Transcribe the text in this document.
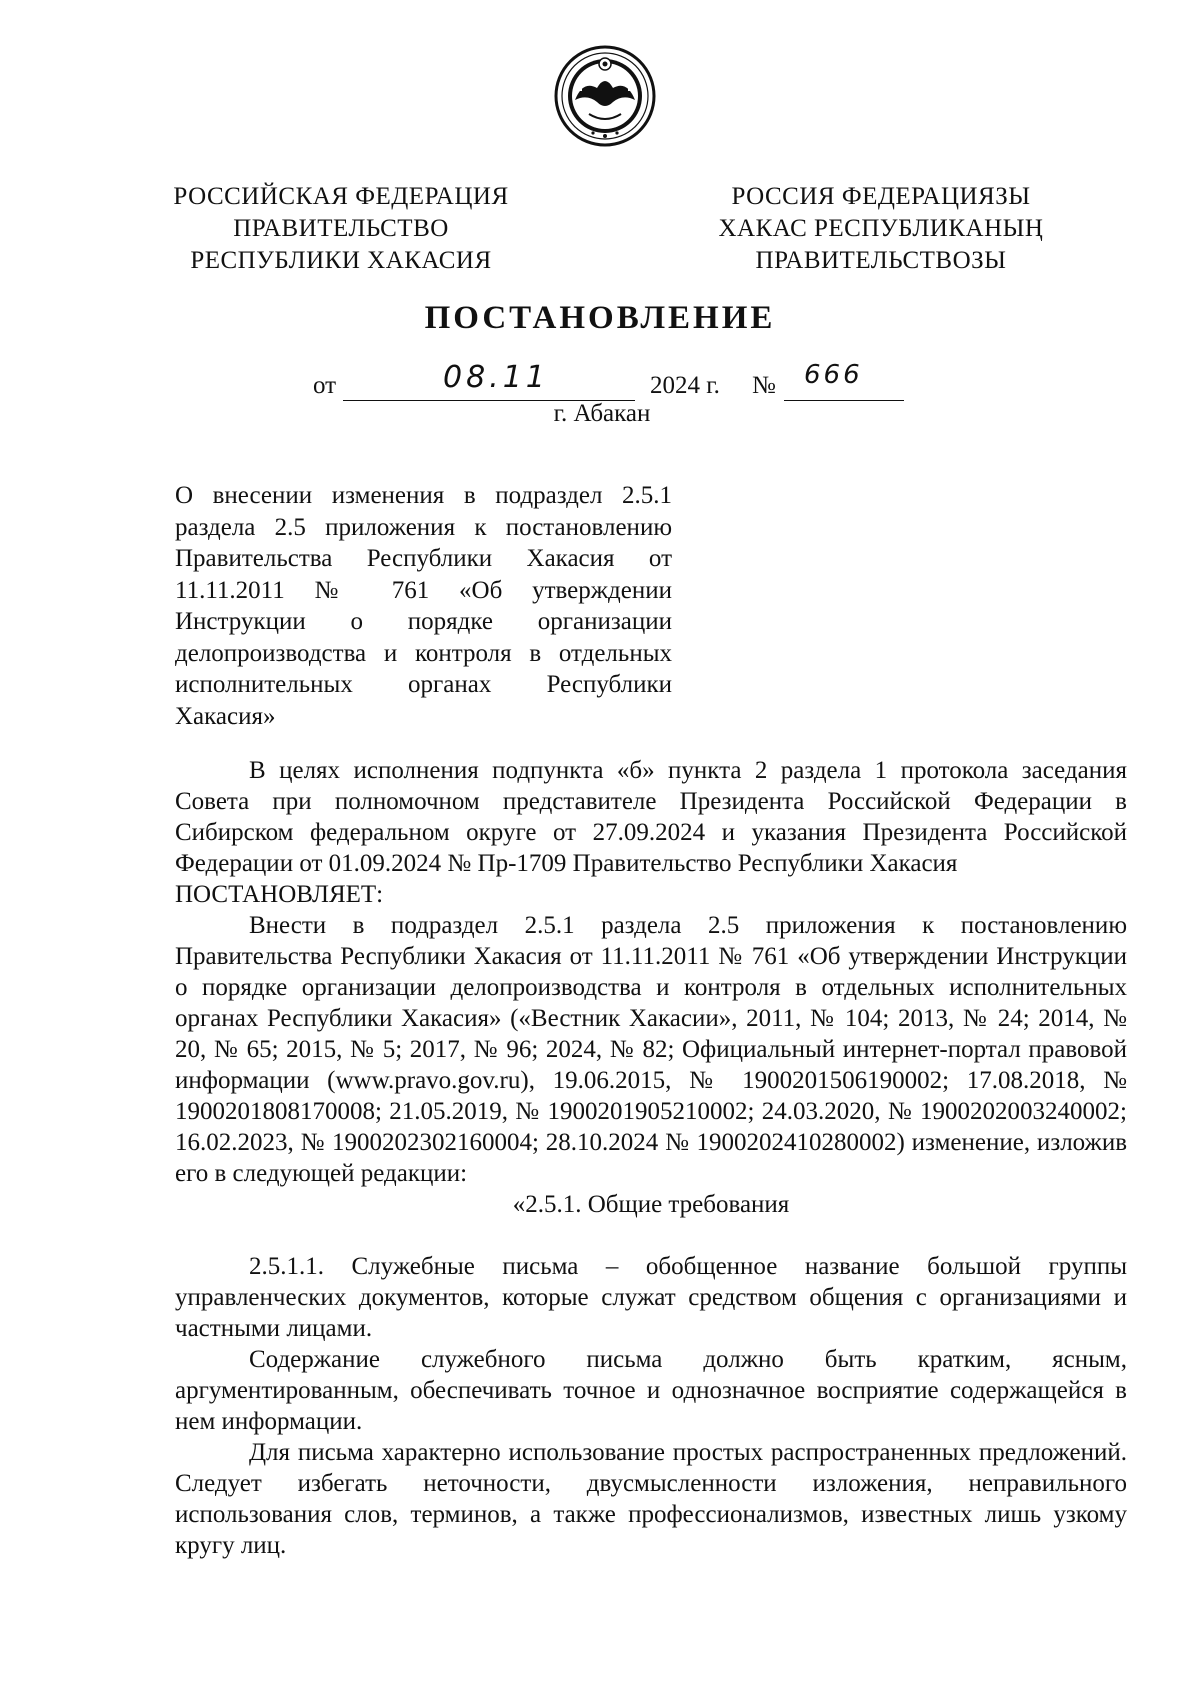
РОССИЙСКАЯ ФЕДЕРАЦИЯ
ПРАВИТЕЛЬСТВО
РЕСПУБЛИКИ ХАКАСИЯ
РОССИЯ ФЕДЕРАЦИЯЗЫ
ХАКАС РЕСПУБЛИКАНЫҢ
ПРАВИТЕЛЬСТВОЗЫ
ПОСТАНОВЛЕНИЕ
от	08.11	2024 г. № 666
г. Абакан
О внесении изменения в подраздел 2.5.1 раздела 2.5 приложения к постановлению Правительства Республики Хакасия от 11.11.2011 № 761 «Об утверждении Инструкции о порядке организации делопроизводства и контроля в отдельных исполнительных органах Республики Хакасия»

В целях исполнения подпункта «б» пункта 2 раздела 1 протокола заседания Совета при полномочном представителе Президента Российской Федерации в Сибирском федеральном округе от 27.09.2024 и указания Президента Российской Федерации от 01.09.2024 № Пр-1709 Правительство Республики Хакасия

ПОСТАНОВЛЯЕТ:

Внести в подраздел 2.5.1 раздела 2.5 приложения к постановлению Правительства Республики Хакасия от 11.11.2011 № 761 «Об утверждении Инструкции о порядке организации делопроизводства и контроля в отдельных исполнительных органах Республики Хакасия» («Вестник Хакасии», 2011, № 104; 2013, № 24; 2014, № 20, № 65; 2015, № 5; 2017, № 96; 2024, № 82; Официальный интернет-портал правовой информации (www.pravo.gov.ru), 19.06.2015, № 1900201506190002; 17.08.2018, № 1900201808170008; 21.05.2019, № 1900201905210002; 24.03.2020, № 1900202003240002; 16.02.2023, № 1900202302160004; 28.10.2024 № 1900202410280002) изменение, изложив его в следующей редакции:

«2.5.1. Общие требования

2.5.1.1. Служебные письма – обобщенное название большой группы управленческих документов, которые служат средством общения с организациями и частными лицами.

Содержание служебного письма должно быть кратким, ясным, аргументированным, обеспечивать точное и однозначное восприятие содержащейся в нем информации.

Для письма характерно использование простых распространенных предложений. Следует избегать неточности, двусмысленности изложения, неправильного использования слов, терминов, а также профессионализмов, известных лишь узкому кругу лиц.
